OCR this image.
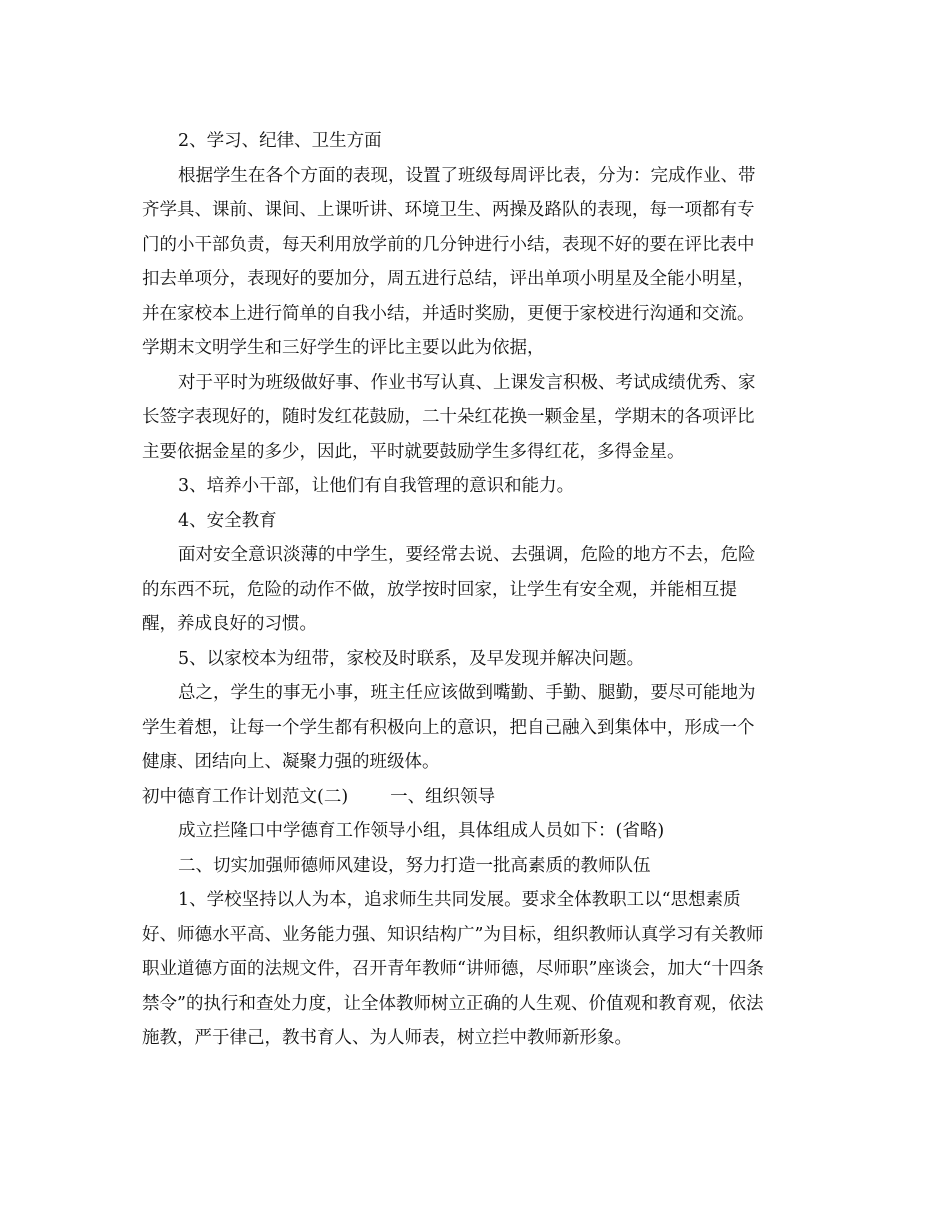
2、学习、纪律、卫生方面
根据学生在各个方面的表现，设置了班级每周评比表，分为：完成作业、带
齐学具、课前、课间、上课听讲、环境卫生、两操及路队的表现，每一项都有专
门的小干部负责，每天利用放学前的几分钟进行小结，表现不好的要在评比表中
扣去单项分，表现好的要加分，周五进行总结，评出单项小明星及全能小明星，
并在家校本上进行简单的自我小结，并适时奖励，更便于家校进行沟通和交流。
学期末文明学生和三好学生的评比主要以此为依据，
对于平时为班级做好事、作业书写认真、上课发言积极、考试成绩优秀、家
长签字表现好的，随时发红花鼓励，二十朵红花换一颗金星，学期末的各项评比
主要依据金星的多少，因此，平时就要鼓励学生多得红花，多得金星。
3、培养小干部，让他们有自我管理的意识和能力。
4、安全教育
面对安全意识淡薄的中学生，要经常去说、去强调，危险的地方不去，危险
的东西不玩，危险的动作不做，放学按时回家，让学生有安全观，并能相互提
醒，养成良好的习惯。
5、以家校本为纽带，家校及时联系，及早发现并解决问题。
总之，学生的事无小事，班主任应该做到嘴勤、手勤、腿勤，要尽可能地为
学生着想，让每一个学生都有积极向上的意识，把自己融入到集体中，形成一个
健康、团结向上、凝聚力强的班级体。
初中德育工作计划范文(二) 一、组织领导
成立拦隆口中学德育工作领导小组，具体组成人员如下：(省略)
二、切实加强师德师风建设，努力打造一批高素质的教师队伍
1、学校坚持以人为本，追求师生共同发展。要求全体教职工以“思想素质
好、师德水平高、业务能力强、知识结构广”为目标，组织教师认真学习有关教师
职业道德方面的法规文件，召开青年教师“讲师德，尽师职”座谈会，加大“十四条
禁令”的执行和查处力度，让全体教师树立正确的人生观、价值观和教育观，依法
施教，严于律己，教书育人、为人师表，树立拦中教师新形象。
